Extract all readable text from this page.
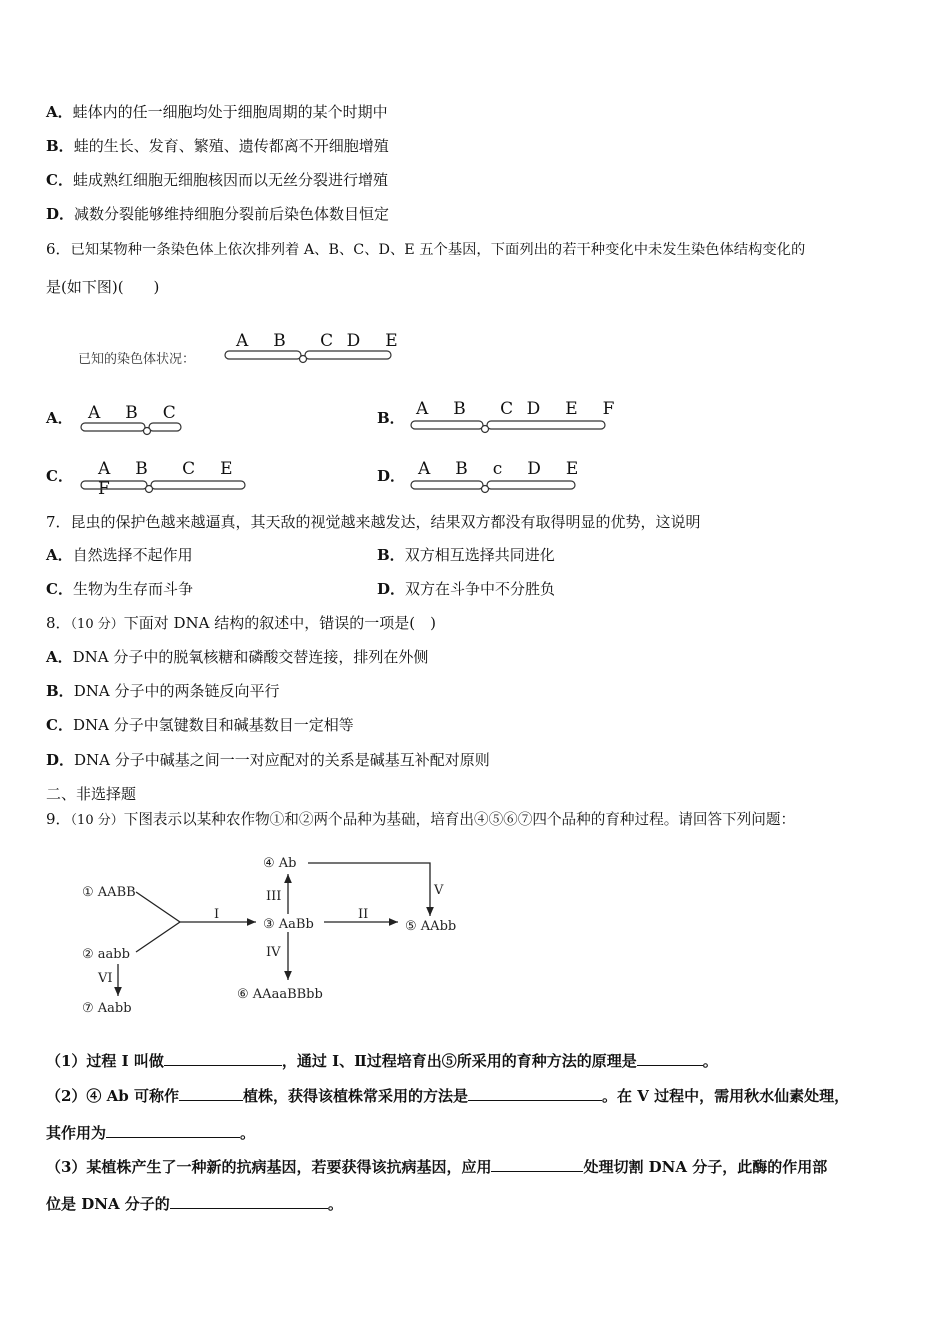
A．蛙体内的任一细胞均处于细胞周期的某个时期中
B．蛙的生长、发育、繁殖、遗传都离不开细胞增殖
C．蛙成熟红细胞无细胞核因而以无丝分裂进行增殖
D．减数分裂能够维持细胞分裂前后染色体数目恒定
6．已知某物种一条染色体上依次排列着 A、B、C、D、E 五个基因，下面列出的若干种变化中未发生染色体结构变化的
是(如下图)(　　)
已知的染色体状况：
A　B　 C D　E
A． A　B　C	B． A　B　 C D　E　F
C． A　B　 C　E　F
D． A　B　c　D　E
7．昆虫的保护色越来越逼真，其天敌的视觉越来越发达，结果双方都没有取得明显的优势，这说明
A．自然选择不起作用	B．双方相互选择共同进化
C．生物为生存而斗争	D．双方在斗争中不分胜负
8．（10 分）下面对 DNA 结构的叙述中，错误的一项是(　)
A．DNA 分子中的脱氧核糖和磷酸交替连接，排列在外侧
B．DNA 分子中的两条链反向平行
C．DNA 分子中氢键数目和碱基数目一定相等
D．DNA 分子中碱基之间一一对应配对的关系是碱基互补配对原则
二、非选择题
9．（10 分）下图表示以某种农作物①和②两个品种为基础，培育出④⑤⑥⑦四个品种的育种过程。请回答下列问题：
① AABB
② aabb
③ AaBb
④ Ab
⑤ AAbb
⑥ AAaaBBbb
⑦ Aabb
I	II
III
IV
V
VI
（1）过程 I 叫做	，通过 I、Ⅱ过程培育出⑤所采用的育种方法的原理是	。
（2）④ Ab 可称作	植株，获得该植株常采用的方法是	。在 V 过程中，需用秋水仙素处理，
其作用为	。
（3）某植株产生了一种新的抗病基因，若要获得该抗病基因，应用	处理切割 DNA 分子，此酶的作用部
位是 DNA 分子的	。
